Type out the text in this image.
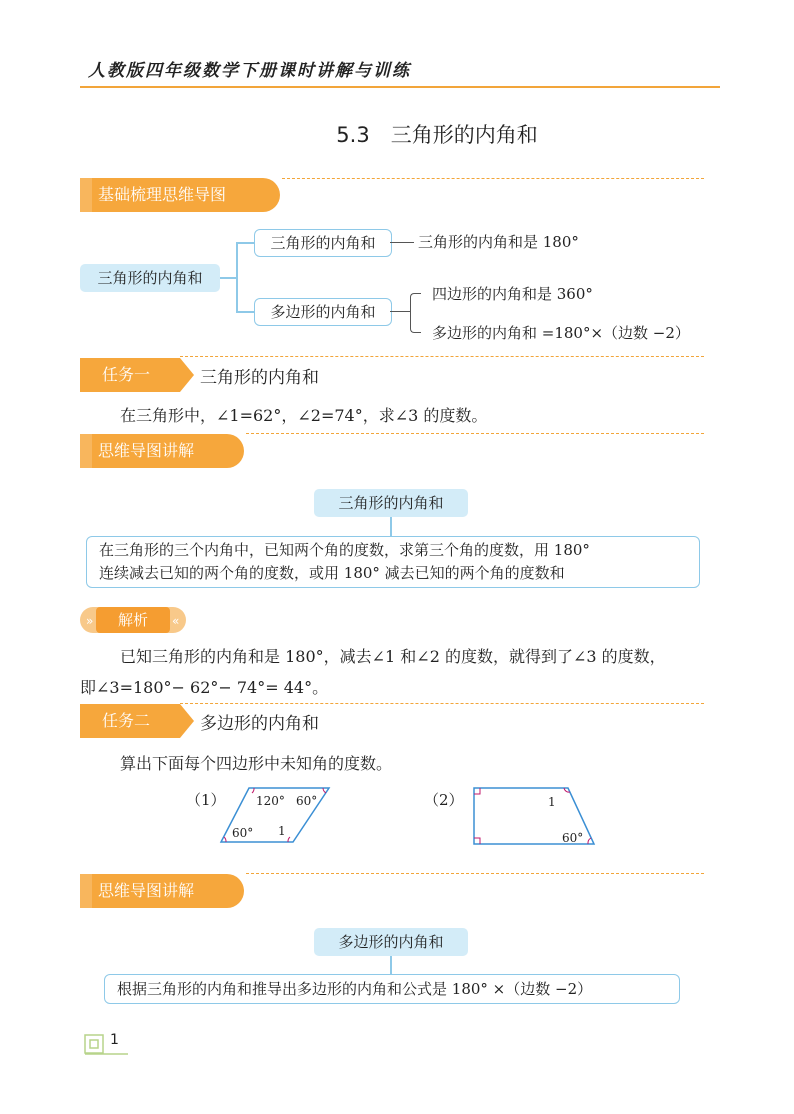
人教版四年级数学下册课时讲解与训练
5.3　三角形的内角和
基础梳理思维导图
三角形的内角和
三角形的内角和	三角形的内角和是 180°
多边形的内角和
四边形的内角和是 360°
多边形的内角和 =180°×（边数 −2）
任务一	三角形的内角和
在三角形中，∠1=62°，∠2=74°，求∠3 的度数。
思维导图讲解
三角形的内角和
在三角形的三个内角中，已知两个角的度数，求第三个角的度数，用 180°
连续减去已知的两个角的度数，或用 180° 减去已知的两个角的度数和
»	«
解析
已知三角形的内角和是 180°，减去∠1 和∠2 的度数，就得到了∠3 的度数，
即∠3=180°− 62°− 74°= 44°。
任务二	多边形的内角和
算出下面每个四边形中未知角的度数。
（1）	120° 60°
60° 1
（2）	1
60°
思维导图讲解
多边形的内角和
根据三角形的内角和推导出多边形的内角和公式是 180° ×（边数 −2）
1
